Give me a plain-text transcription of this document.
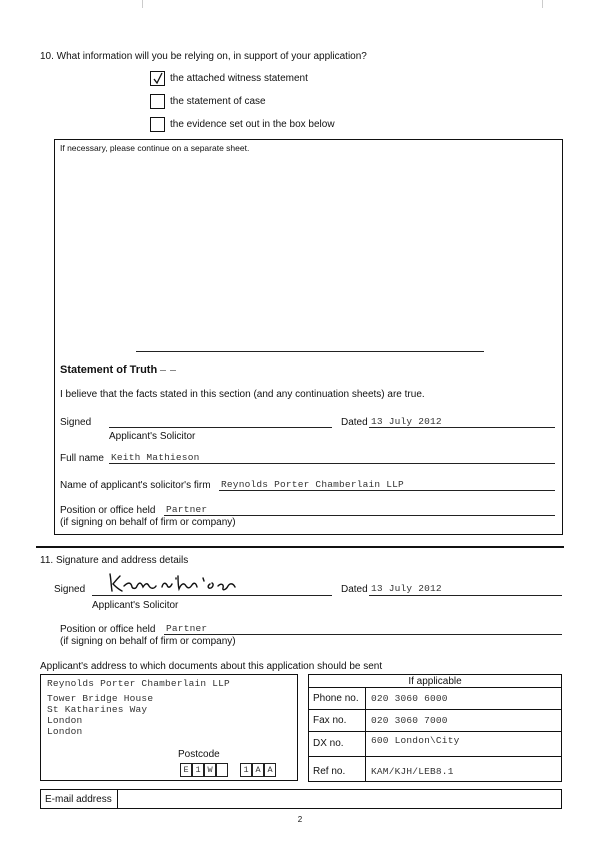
10. What information will you be relying on, in support of your application?
the attached witness statement
the statement of case
the evidence set out in the box below
If necessary, please continue on a separate sheet.
Statement of Truth
I believe that the facts stated in this section (and any continuation sheets) are true.
Signed	Dated 13 July 2012
Applicant's Solicitor
Full name Keith Mathieson
Name of applicant's solicitor's firm Reynolds Porter Chamberlain LLP
Position or office held Partner
(if signing on behalf of firm or company)
11. Signature and address details
Signed	Dated 13 July 2012
Applicant's Solicitor
Position or office held Partner
(if signing on behalf of firm or company)
Applicant's address to which documents about this application should be sent
Reynolds Porter Chamberlain LLP
Tower Bridge House
St Katharines Way
London
London
Postcode
E 1 W	1 A A
If applicable
Phone no. 020 3060 6000
Fax no.	020 3060 7000
DX no.	600 London\City
Ref no.	KAM/KJH/LEB8.1
E-mail address
2
